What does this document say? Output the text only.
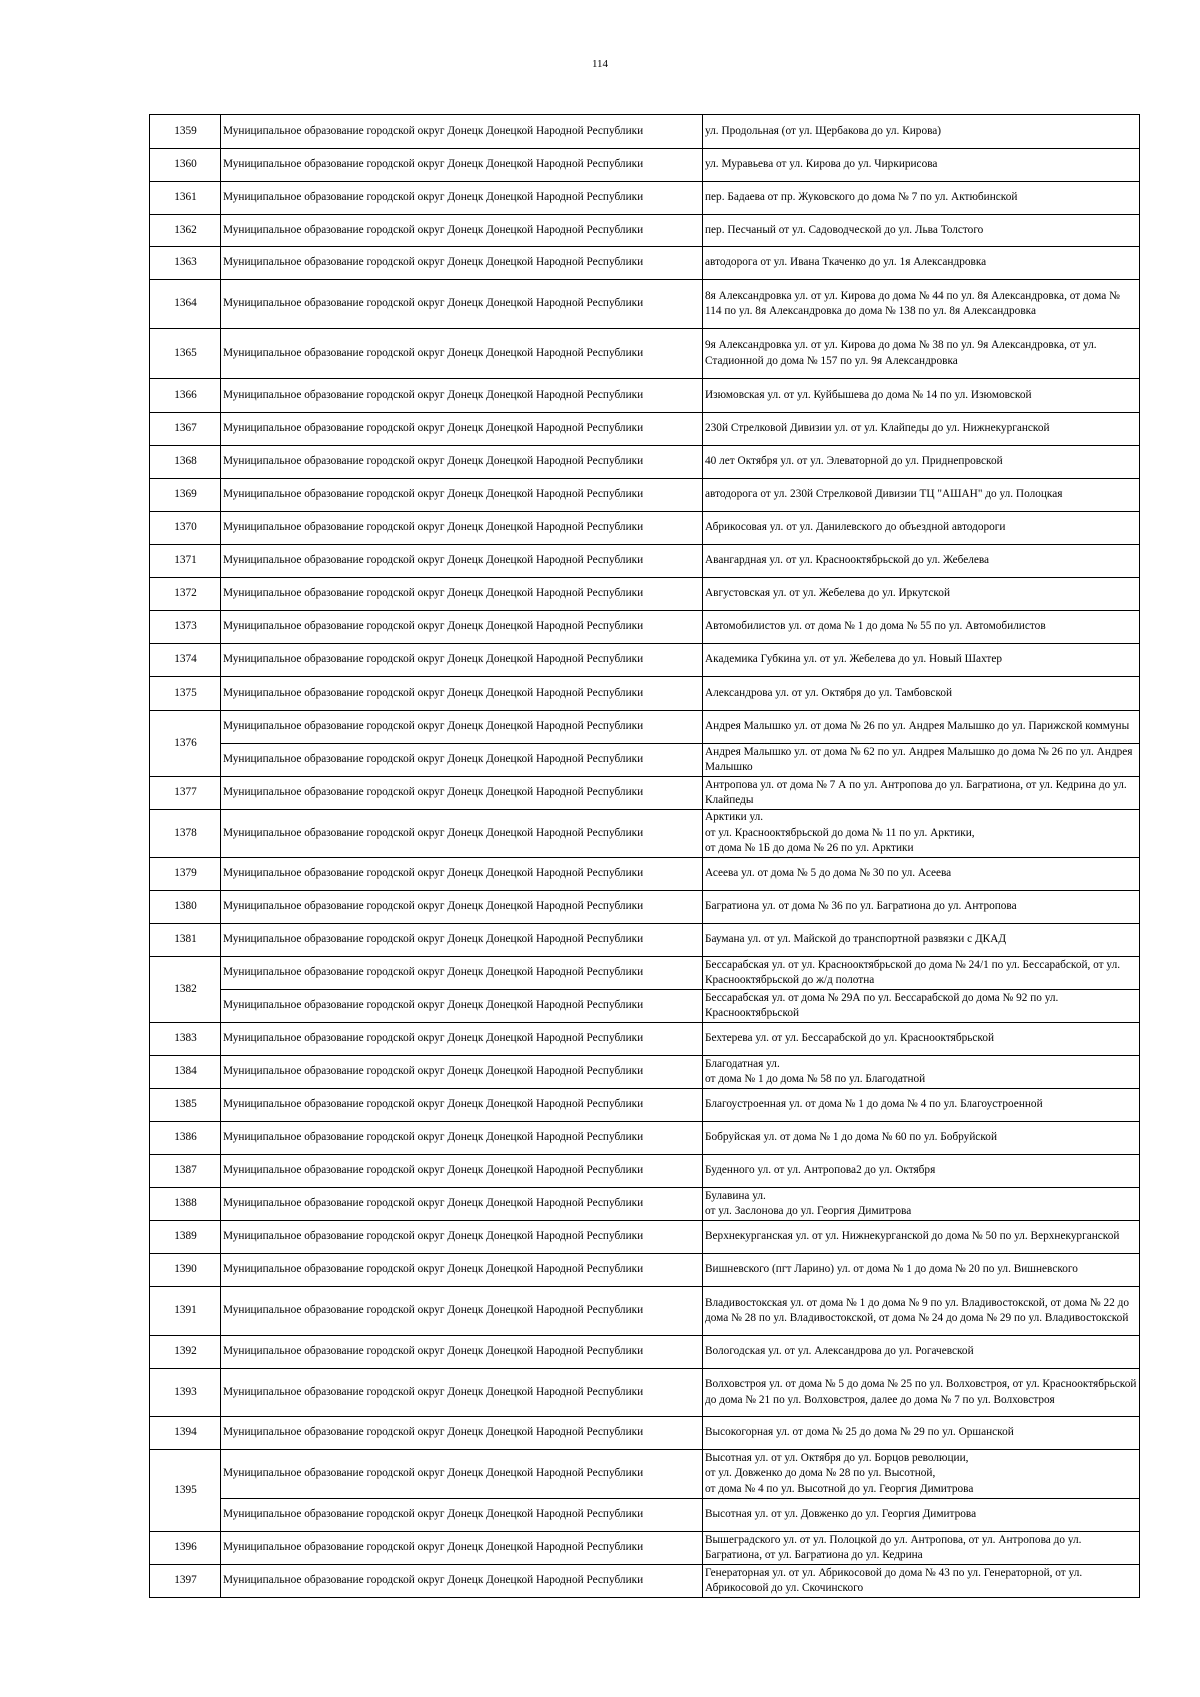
114
1359	Муниципальное образование городской округ Донецк Донецкой Народной Республики	ул. Продольная (от ул. Щербакова до ул. Кирова)
1360	Муниципальное образование городской округ Донецк Донецкой Народной Республики	ул. Муравьева от ул. Кирова до ул. Чиркирисова
1361	Муниципальное образование городской округ Донецк Донецкой Народной Республики	пер. Бадаева от пр. Жуковского до дома № 7 по ул. Актюбинской
1362	Муниципальное образование городской округ Донецк Донецкой Народной Республики	пер. Песчаный от ул. Садоводческой до ул. Льва Толстого
1363	Муниципальное образование городской округ Донецк Донецкой Народной Республики	автодорога от ул. Ивана Ткаченко до ул. 1я Александровка
1364	Муниципальное образование городской округ Донецк Донецкой Народной Республики	8я Александровка ул. от ул. Кирова до дома № 44 по ул. 8я Александровка, от дома № 114 по ул. 8я Александровка до дома № 138 по ул. 8я Александровка
1365	Муниципальное образование городской округ Донецк Донецкой Народной Республики	9я Александровка ул. от ул. Кирова до дома № 38 по ул. 9я Александровка, от ул. Стадионной до дома № 157 по ул. 9я Александровка
1366	Муниципальное образование городской округ Донецк Донецкой Народной Республики	Изюмовская ул. от ул. Куйбышева до дома № 14 по ул. Изюмовской
1367	Муниципальное образование городской округ Донецк Донецкой Народной Республики	230й Стрелковой Дивизии ул. от ул. Клайпеды до ул. Нижнекурганской
1368	Муниципальное образование городской округ Донецк Донецкой Народной Республики	40 лет Октября ул. от ул. Элеваторной до ул. Приднепровской
1369	Муниципальное образование городской округ Донецк Донецкой Народной Республики	автодорога от ул. 230й Стрелковой Дивизии ТЦ "АШАН" до ул. Полоцкая
1370	Муниципальное образование городской округ Донецк Донецкой Народной Республики	Абрикосовая ул. от ул. Данилевского до объездной автодороги
1371	Муниципальное образование городской округ Донецк Донецкой Народной Республики	Авангардная ул. от ул. Краснооктябрьской до ул. Жебелева
1372	Муниципальное образование городской округ Донецк Донецкой Народной Республики	Августовская ул. от ул. Жебелева до ул. Иркутской
1373	Муниципальное образование городской округ Донецк Донецкой Народной Республики	Автомобилистов ул. от дома № 1 до дома № 55 по ул. Автомобилистов
1374	Муниципальное образование городской округ Донецк Донецкой Народной Республики	Академика Губкина ул. от ул. Жебелева до ул. Новый Шахтер
1375	Муниципальное образование городской округ Донецк Донецкой Народной Республики	Александрова ул. от ул. Октября до ул. Тамбовской
1376	Муниципальное образование городской округ Донецк Донецкой Народной Республики	Андрея Малышко ул. от дома № 26 по ул. Андрея Малышко до ул. Парижской коммуны
	Муниципальное образование городской округ Донецк Донецкой Народной Республики	Андрея Малышко ул. от дома № 62 по ул. Андрея Малышко до дома № 26 по ул. Андрея Малышко
1377	Муниципальное образование городской округ Донецк Донецкой Народной Республики	Антропова ул. от дома № 7 А по ул. Антропова до ул. Багратиона, от ул. Кедрина до ул. Клайпеды
1378	Муниципальное образование городской округ Донецк Донецкой Народной Республики	Арктики ул.
от ул. Краснооктябрьской до дома № 11 по ул. Арктики,
от дома № 1Б до дома № 26 по ул. Арктики
1379	Муниципальное образование городской округ Донецк Донецкой Народной Республики	Асеева ул. от дома № 5 до дома № 30 по ул. Асеева
1380	Муниципальное образование городской округ Донецк Донецкой Народной Республики	Багратиона ул. от дома № 36 по ул. Багратиона до ул. Антропова
1381	Муниципальное образование городской округ Донецк Донецкой Народной Республики	Баумана ул. от ул. Майской до транспортной развязки с ДКАД
1382	Муниципальное образование городской округ Донецк Донецкой Народной Республики	Бессарабская ул. от ул. Краснооктябрьской до дома № 24/1 по ул. Бессарабской, от ул. Краснооктябрьской до ж/д полотна
	Муниципальное образование городской округ Донецк Донецкой Народной Республики	Бессарабская ул. от дома № 29А по ул. Бессарабской до дома № 92 по ул. Краснооктябрьской
1383	Муниципальное образование городской округ Донецк Донецкой Народной Республики	Бехтерева ул. от ул. Бессарабской до ул. Краснооктябрьской
1384	Муниципальное образование городской округ Донецк Донецкой Народной Республики	Благодатная ул.
от дома № 1 до дома № 58 по ул. Благодатной
1385	Муниципальное образование городской округ Донецк Донецкой Народной Республики	Благоустроенная ул. от дома № 1 до дома № 4 по ул. Благоустроенной
1386	Муниципальное образование городской округ Донецк Донецкой Народной Республики	Бобруйская ул. от дома № 1 до дома № 60 по ул. Бобруйской
1387	Муниципальное образование городской округ Донецк Донецкой Народной Республики	Буденного ул. от ул. Антропова2 до ул. Октября
1388	Муниципальное образование городской округ Донецк Донецкой Народной Республики	Булавина ул.
от ул. Заслонова до ул. Георгия Димитрова
1389	Муниципальное образование городской округ Донецк Донецкой Народной Республики	Верхнекурганская ул. от ул. Нижнекурганской до дома № 50 по ул. Верхнекурганской
1390	Муниципальное образование городской округ Донецк Донецкой Народной Республики	Вишневского (пгт Ларино) ул. от дома № 1 до дома № 20 по ул. Вишневского
1391	Муниципальное образование городской округ Донецк Донецкой Народной Республики	Владивостокская ул. от дома № 1 до дома № 9 по ул. Владивостокской, от дома № 22 до дома № 28 по ул. Владивостокской, от дома № 24 до дома № 29 по ул. Владивостокской
1392	Муниципальное образование городской округ Донецк Донецкой Народной Республики	Вологодская ул. от ул. Александрова до ул. Рогачевской
1393	Муниципальное образование городской округ Донецк Донецкой Народной Республики	Волховстроя ул. от дома № 5 до дома № 25 по ул. Волховстроя, от ул. Краснооктябрьской до дома № 21 по ул. Волховстроя, далее до дома № 7 по ул. Волховстроя
1394	Муниципальное образование городской округ Донецк Донецкой Народной Республики	Высокогорная ул. от дома № 25 до дома № 29 по ул. Оршанской
1395	Муниципальное образование городской округ Донецк Донецкой Народной Республики	Высотная ул. от ул. Октября до ул. Борцов революции,
от ул. Довженко до дома № 28 по ул. Высотной,
от дома № 4 по ул. Высотной до ул. Георгия Димитрова
	Муниципальное образование городской округ Донецк Донецкой Народной Республики	Высотная ул. от ул. Довженко до ул. Георгия Димитрова
1396	Муниципальное образование городской округ Донецк Донецкой Народной Республики	Вышеградского ул. от ул. Полоцкой до ул. Антропова, от ул. Антропова до ул. Багратиона, от ул. Багратиона до ул. Кедрина
1397	Муниципальное образование городской округ Донецк Донецкой Народной Республики	Генераторная ул. от ул. Абрикосовой до дома № 43 по ул. Генераторной, от ул. Абрикосовой до ул. Скочинского
